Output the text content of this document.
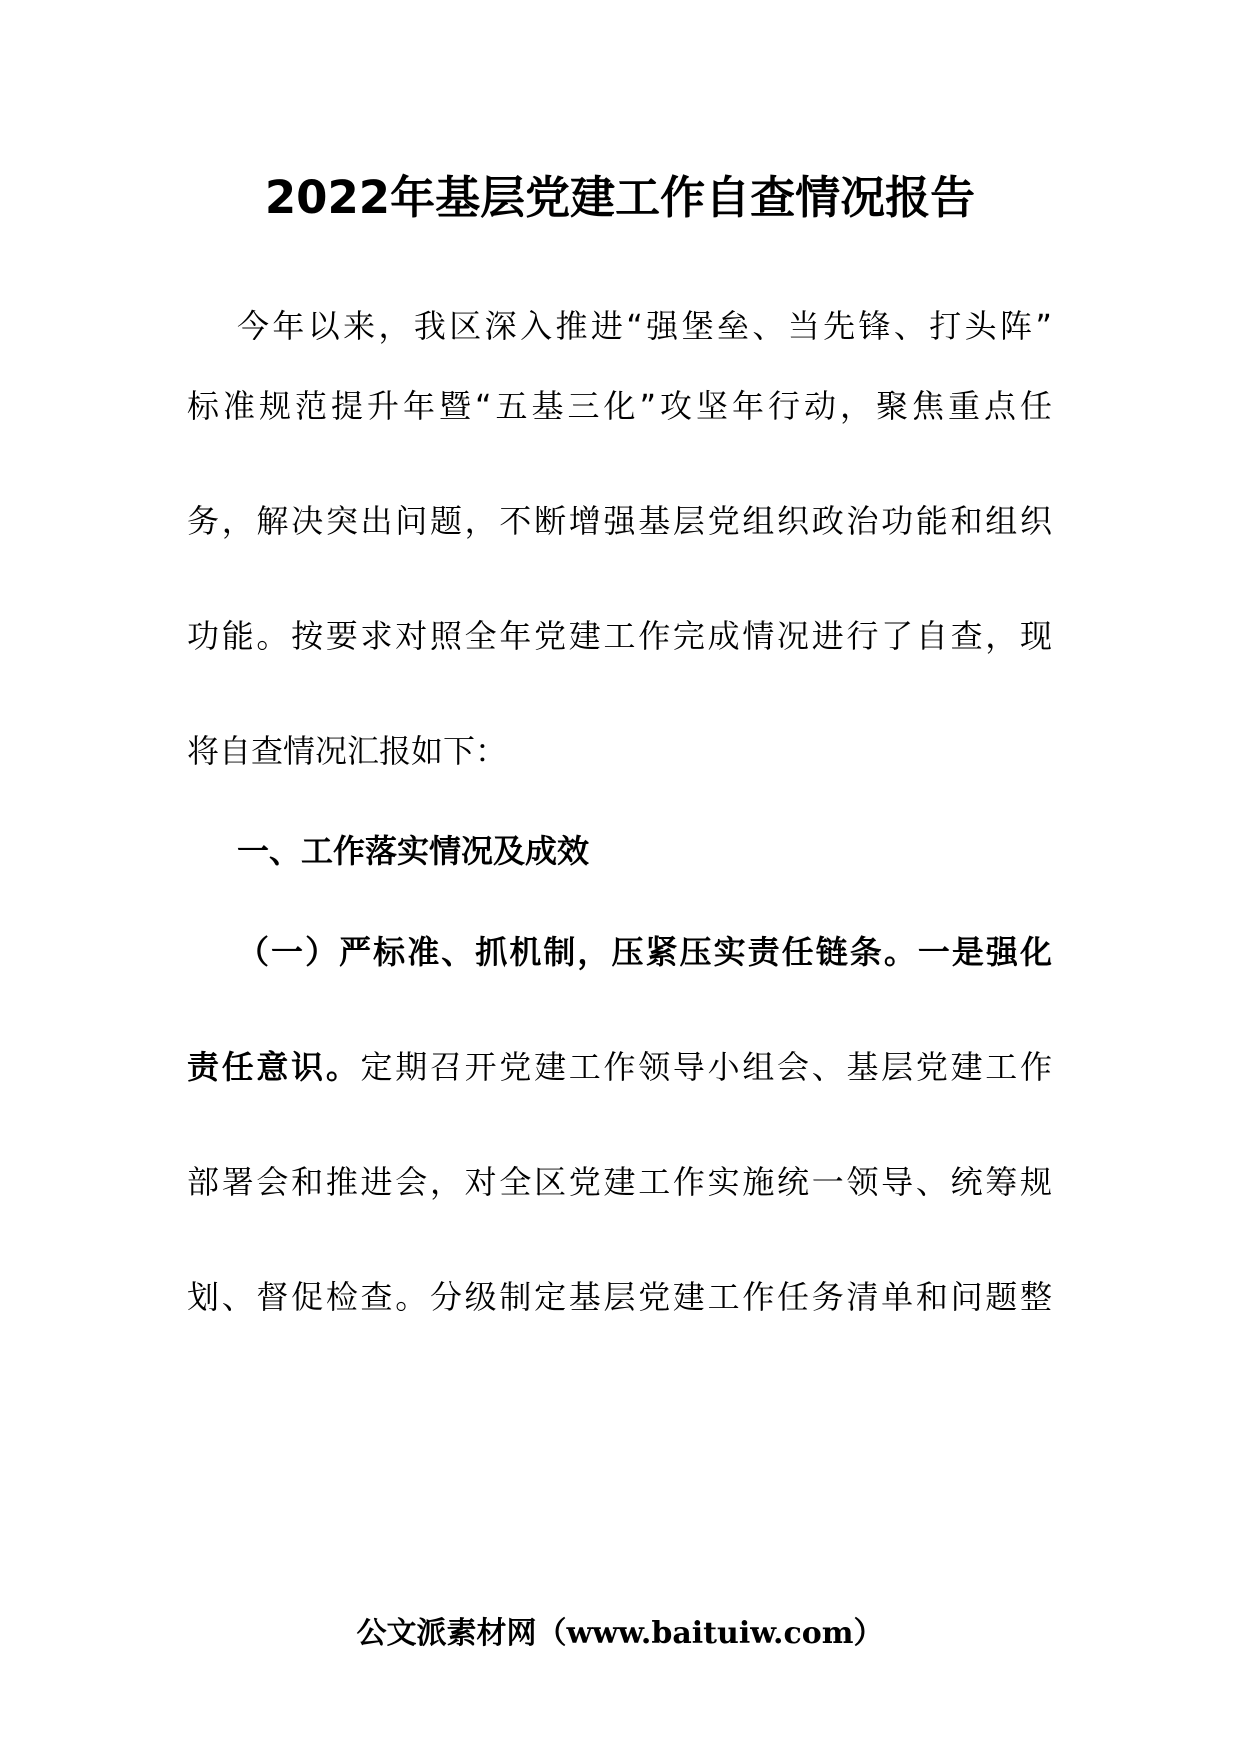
2022年基层党建工作自查情况报告
今年以来，我区深入推进“强堡垒、当先锋、打头阵”
标准规范提升年暨“五基三化”攻坚年行动，聚焦重点任
务，解决突出问题，不断增强基层党组织政治功能和组织
功能。按要求对照全年党建工作完成情况进行了自查，现
将自查情况汇报如下：
一、工作落实情况及成效
（一）严标准、抓机制，压紧压实责任链条。一是强化
责任意识。定期召开党建工作领导小组会、基层党建工作
部署会和推进会，对全区党建工作实施统一领导、统筹规
划、督促检查。分级制定基层党建工作任务清单和问题整
公文派素材网（www.baituiw.com）
